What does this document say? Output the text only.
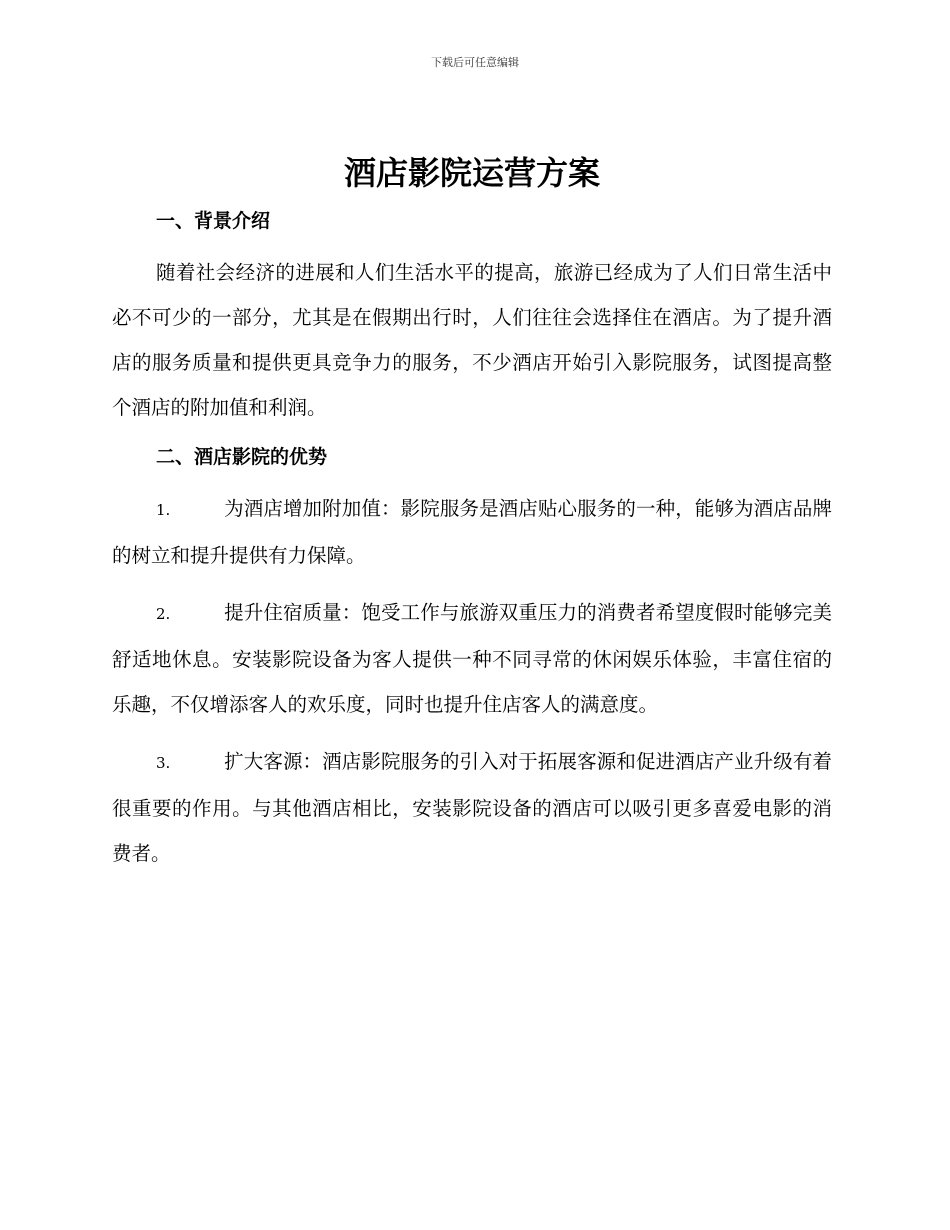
下载后可任意编辑
酒店影院运营方案
一、背景介绍

随着社会经济的进展和人们生活水平的提高，旅游已经成为了人们日常生活中必不可少的一部分，尤其是在假期出行时，人们往往会选择住在酒店。为了提升酒店的服务质量和提供更具竞争力的服务，不少酒店开始引入影院服务，试图提高整个酒店的附加值和利润。

二、酒店影院的优势

1.	为酒店增加附加值：影院服务是酒店贴心服务的一种，能够为酒店品牌的树立和提升提供有力保障。

2.	提升住宿质量：饱受工作与旅游双重压力的消费者希望度假时能够完美舒适地休息。安装影院设备为客人提供一种不同寻常的休闲娱乐体验，丰富住宿的乐趣，不仅增添客人的欢乐度，同时也提升住店客人的满意度。

3.	扩大客源：酒店影院服务的引入对于拓展客源和促进酒店产业升级有着很重要的作用。与其他酒店相比，安装影院设备的酒店可以吸引更多喜爱电影的消费者。
